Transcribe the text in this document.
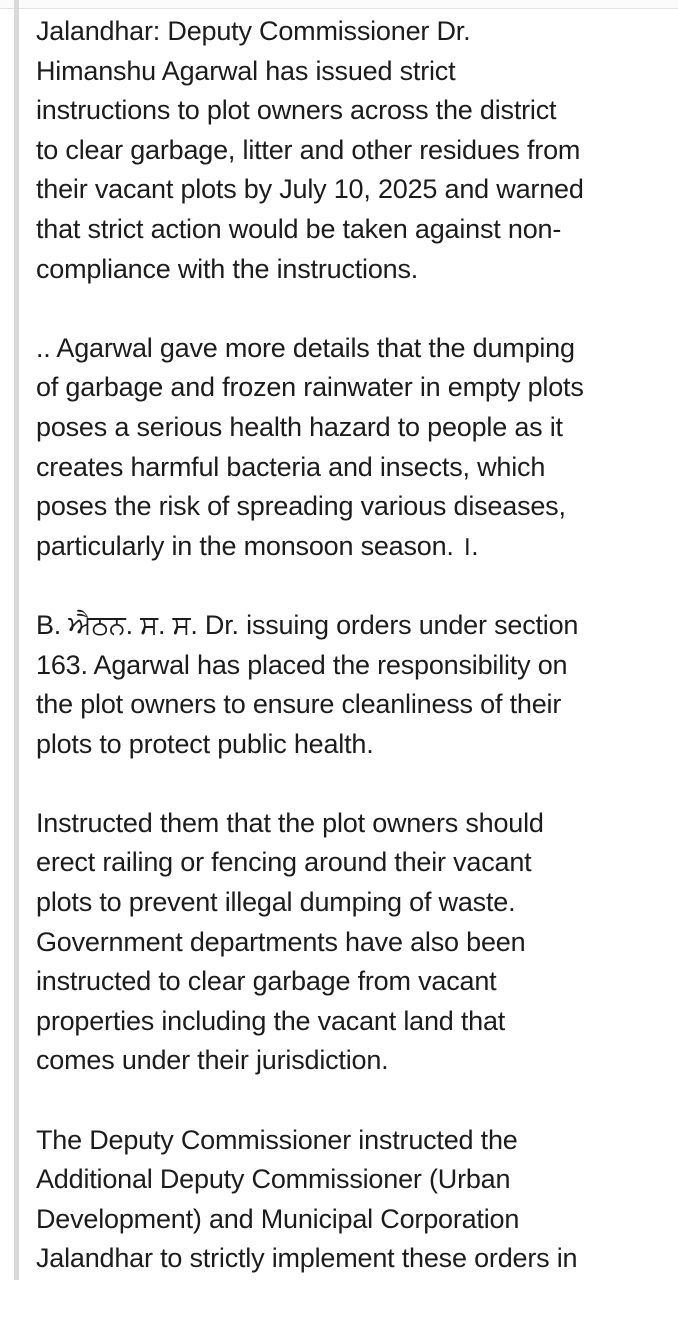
Jalandhar: Deputy Commissioner Dr.
Himanshu Agarwal has issued strict
instructions to plot owners across the district
to clear garbage, litter and other residues from
their vacant plots by July 10, 2025 and warned
that strict action would be taken against non-
compliance with the instructions.
.. Agarwal gave more details that the dumping
of garbage and frozen rainwater in empty plots
poses a serious health hazard to people as it
creates harmful bacteria and insects, which
poses the risk of spreading various diseases,
particularly in the monsoon season. ।.
B. ਐਠਨ. ਸ. ਸ. Dr. issuing orders under section
163. Agarwal has placed the responsibility on
the plot owners to ensure cleanliness of their
plots to protect public health.
Instructed them that the plot owners should
erect railing or fencing around their vacant
plots to prevent illegal dumping of waste.
Government departments have also been
instructed to clear garbage from vacant
properties including the vacant land that
comes under their jurisdiction.
The Deputy Commissioner instructed the
Additional Deputy Commissioner (Urban
Development) and Municipal Corporation
Jalandhar to strictly implement these orders in
